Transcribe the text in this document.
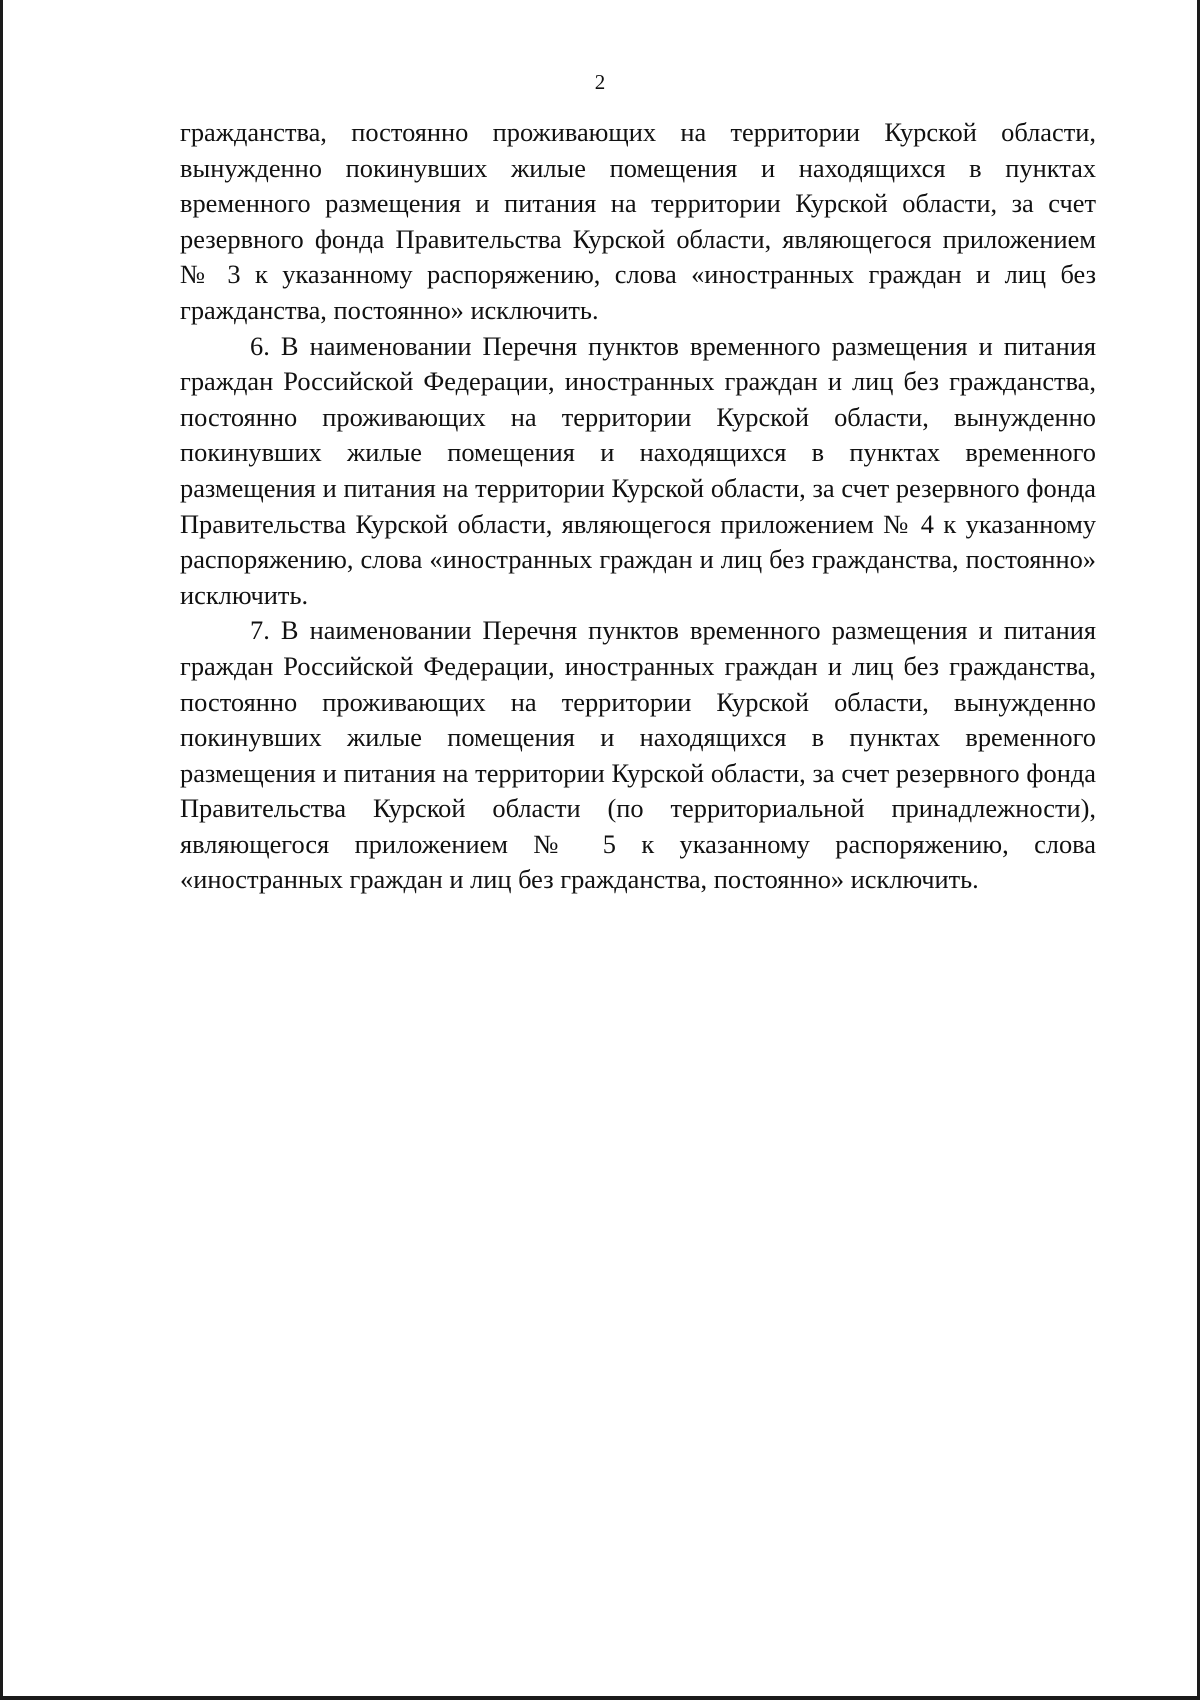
2

гражданства, постоянно проживающих на территории Курской области, вынужденно покинувших жилые помещения и находящихся в пунктах временного размещения и питания на территории Курской области, за счет резервного фонда Правительства Курской области, являющегося приложением № 3 к указанному распоряжению, слова «иностранных граждан и лиц без гражданства, постоянно» исключить.

6. В наименовании Перечня пунктов временного размещения и питания граждан Российской Федерации, иностранных граждан и лиц без гражданства, постоянно проживающих на территории Курской области, вынужденно покинувших жилые помещения и находящихся в пунктах временного размещения и питания на территории Курской области, за счет резервного фонда Правительства Курской области, являющегося приложением № 4 к указанному распоряжению, слова «иностранных граждан и лиц без гражданства, постоянно» исключить.

7. В наименовании Перечня пунктов временного размещения и питания граждан Российской Федерации, иностранных граждан и лиц без гражданства, постоянно проживающих на территории Курской области, вынужденно покинувших жилые помещения и находящихся в пунктах временного размещения и питания на территории Курской области, за счет резервного фонда Правительства Курской области (по территориальной принадлежности), являющегося приложением № 5 к указанному распоряжению, слова «иностранных граждан и лиц без гражданства, постоянно» исключить.
